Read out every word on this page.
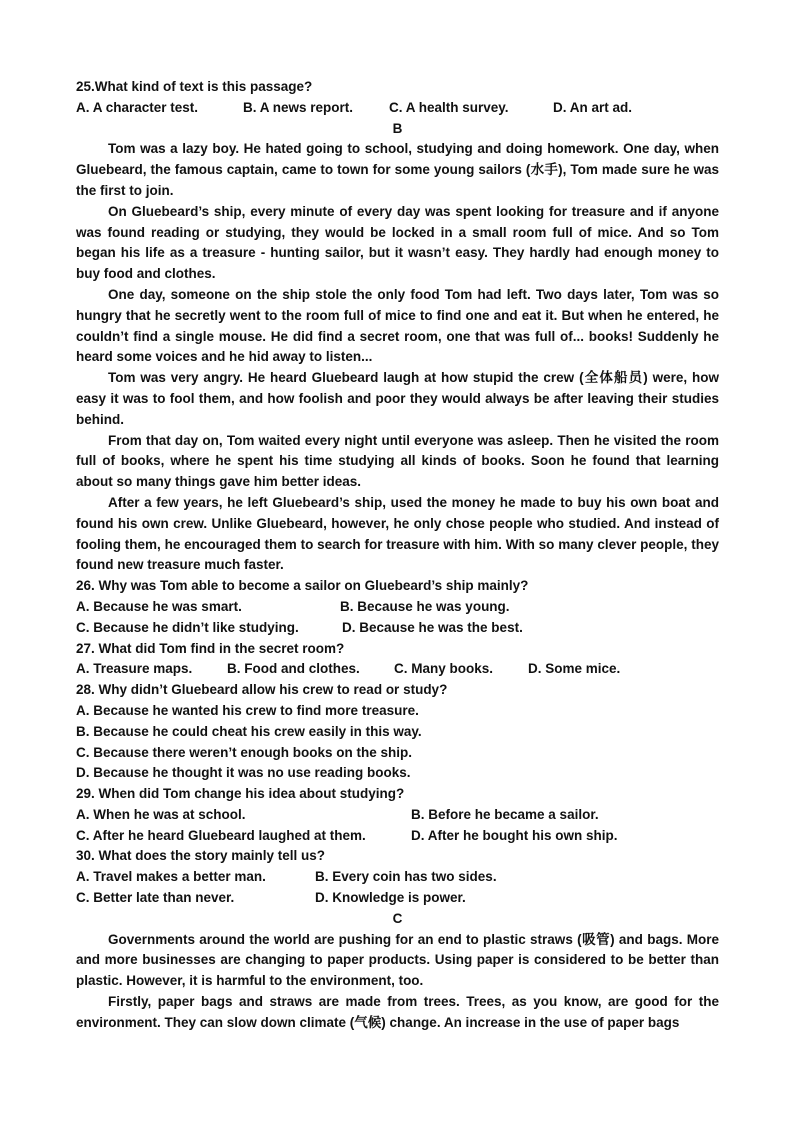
25.What kind of text is this passage?
A. A character test.	B. A news report.	C. A health survey.	D. An art ad.
B

Tom was a lazy boy. He hated going to school, studying and doing homework. One day, when Gluebeard, the famous captain, came to town for some young sailors (水手), Tom made sure he was the first to join.

On Gluebeard’s ship, every minute of every day was spent looking for treasure and if anyone was found reading or studying, they would be locked in a small room full of mice. And so Tom began his life as a treasure - hunting sailor, but it wasn’t easy. They hardly had enough money to buy food and clothes.

One day, someone on the ship stole the only food Tom had left. Two days later, Tom was so hungry that he secretly went to the room full of mice to find one and eat it. But when he entered, he couldn’t find a single mouse. He did find a secret room, one that was full of... books! Suddenly he heard some voices and he hid away to listen...

Tom was very angry. He heard Gluebeard laugh at how stupid the crew (全体船员) were, how easy it was to fool them, and how foolish and poor they would always be after leaving their studies behind.

From that day on, Tom waited every night until everyone was asleep. Then he visited the room full of books, where he spent his time studying all kinds of books. Soon he found that learning about so many things gave him better ideas.

After a few years, he left Gluebeard’s ship, used the money he made to buy his own boat and found his own crew. Unlike Gluebeard, however, he only chose people who studied. And instead of fooling them, he encouraged them to search for treasure with him. With so many clever people, they found new treasure much faster.

26. Why was Tom able to become a sailor on Gluebeard’s ship mainly?
A. Because he was smart.	B. Because he was young.
C. Because he didn’t like studying.	D. Because he was the best.
27. What did Tom find in the secret room?
A. Treasure maps.	B. Food and clothes.	C. Many books.	D. Some mice.
28. Why didn’t Gluebeard allow his crew to read or study?
A. Because he wanted his crew to find more treasure.
B. Because he could cheat his crew easily in this way.
C. Because there weren’t enough books on the ship.
D. Because he thought it was no use reading books.
29. When did Tom change his idea about studying?
A. When he was at school.	B. Before he became a sailor.
C. After he heard Gluebeard laughed at them.	D. After he bought his own ship.
30. What does the story mainly tell us?
A. Travel makes a better man.	B. Every coin has two sides.
C. Better late than never.	D. Knowledge is power.
C

Governments around the world are pushing for an end to plastic straws (吸管) and bags. More and more businesses are changing to paper products. Using paper is considered to be better than plastic. However, it is harmful to the environment, too.

Firstly, paper bags and straws are made from trees. Trees, as you know, are good for the environment. They can slow down climate (气候) change. An increase in the use of paper bags
